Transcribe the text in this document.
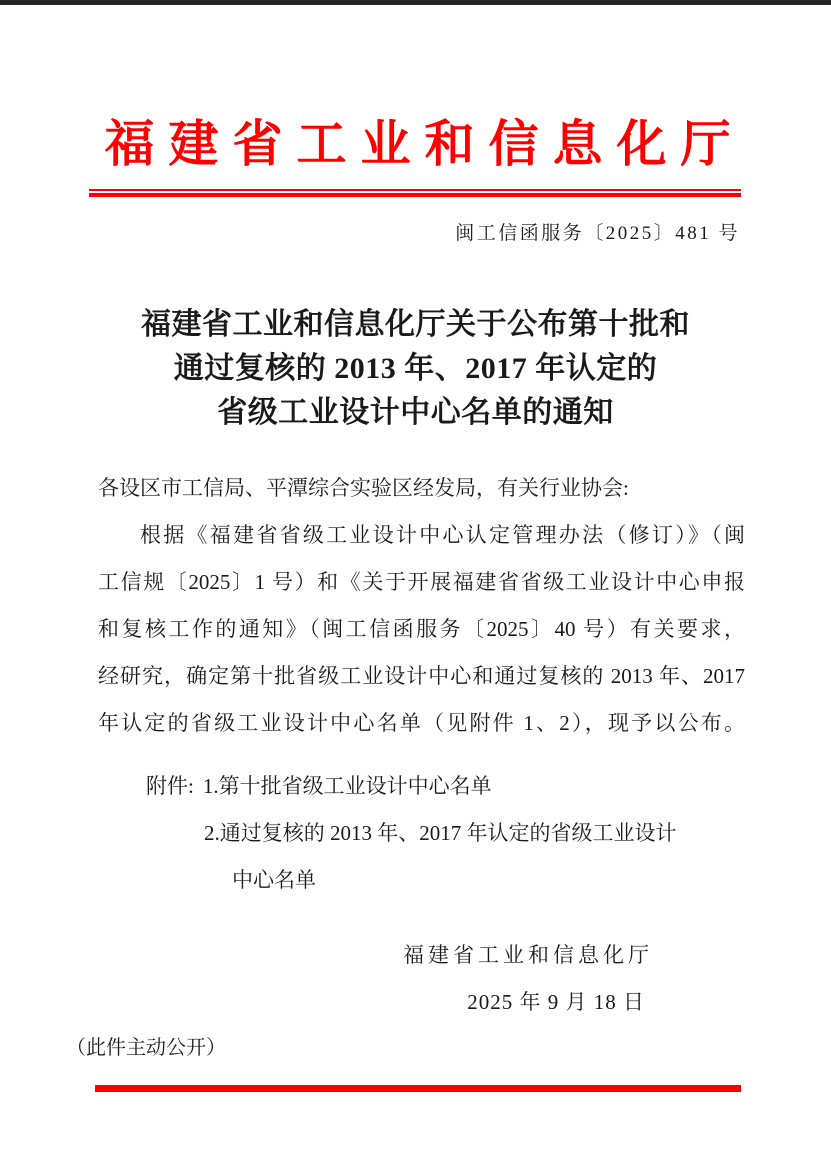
福建省工业和信息化厅
闽工信函服务〔2025〕481 号
福建省工业和信息化厅关于公布第十批和
通过复核的 2013 年、2017 年认定的
省级工业设计中心名单的通知
各设区市工信局、平潭综合实验区经发局，有关行业协会:
根据《福建省省级工业设计中心认定管理办法（修订）》（闽
工信规〔2025〕1 号）和《关于开展福建省省级工业设计中心申报
和复核工作的通知》（闽工信函服务〔2025〕40 号）有关要求，
经研究，确定第十批省级工业设计中心和通过复核的 2013 年、2017
年认定的省级工业设计中心名单（见附件 1、2），现予以公布。
附件: 1.第十批省级工业设计中心名单
2.通过复核的 2013 年、2017 年认定的省级工业设计
中心名单
福建省工业和信息化厅
2025 年 9 月 18 日
（此件主动公开）
